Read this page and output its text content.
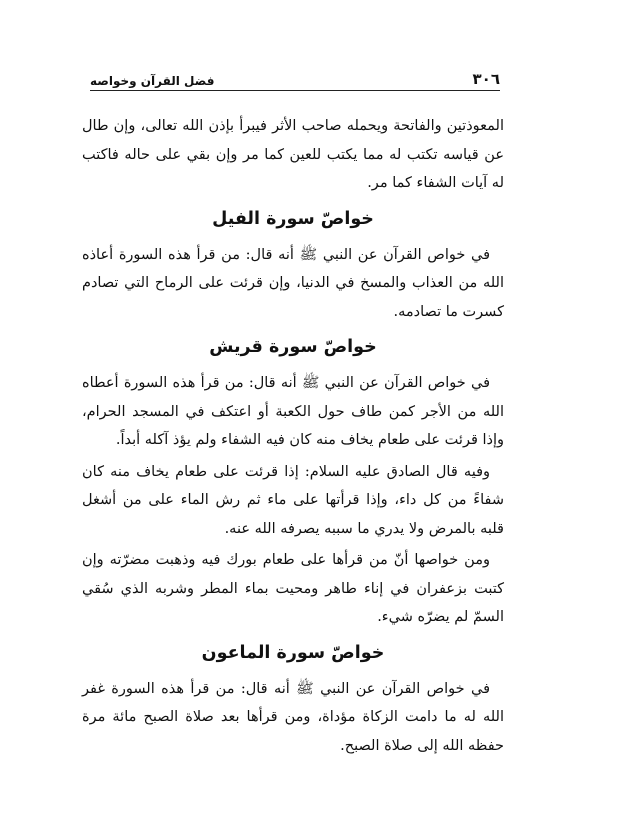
٣٠٦
فضل القرآن وخواصه

المعوذتين والفاتحة ويحمله صاحب الأثر فيبرأ بإذن الله تعالى، وإن طال عن قياسه تكتب له مما يكتب للعين كما مر وإن بقي على حاله فاكتب له آيات الشفاء كما مر.

خواصّ سورة الفيل

في خواص القرآن عن النبي ﷺ أنه قال: من قرأ هذه السورة أعاذه الله من العذاب والمسخ في الدنيا، وإن قرئت على الرماح التي تصادم كسرت ما تصادمه.

خواصّ سورة قريش

في خواص القرآن عن النبي ﷺ أنه قال: من قرأ هذه السورة أعطاه الله من الأجر كمن طاف حول الكعبة أو اعتكف في المسجد الحرام، وإذا قرئت على طعام يخاف منه كان فيه الشفاء ولم يؤذ آكله أبداً.

وفيه قال الصادق عليه السلام: إذا قرئت على طعام يخاف منه كان شفاءً من كل داء، وإذا قرأتها على ماء ثم رش الماء على من أشغل قلبه بالمرض ولا يدري ما سببه يصرفه الله عنه.

ومن خواصها أنّ من قرأها على طعام بورك فيه وذهبت مضرّته وإن كتبت بزعفران في إناء طاهر ومحيت بماء المطر وشربه الذي سُقي السمّ لم يضرّه شيء.

خواصّ سورة الماعون

في خواص القرآن عن النبي ﷺ أنه قال: من قرأ هذه السورة غفر الله له ما دامت الزكاة مؤداة، ومن قرأها بعد صلاة الصبح مائة مرة حفظه الله إلى صلاة الصبح.
